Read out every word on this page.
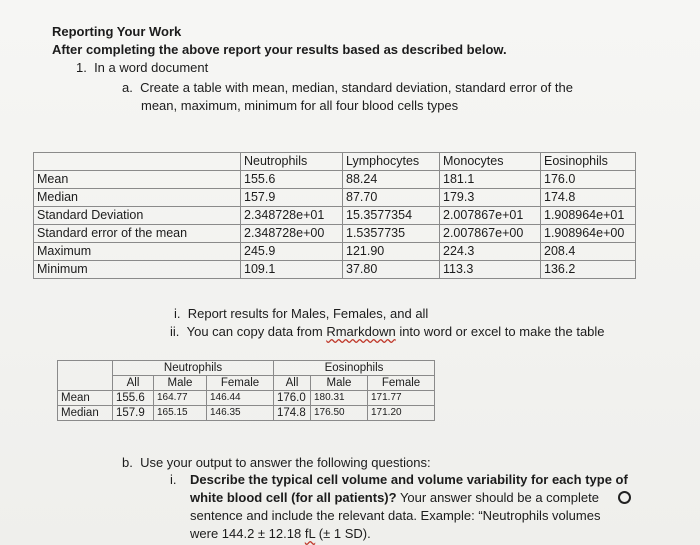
Reporting Your Work
After completing the above report your results based as described below.
1.  In a word document
a.  Create a table with mean, median, standard deviation, standard error of the
mean, maximum, minimum for all four blood cells types
	Neutrophils	Lymphocytes	Monocytes	Eosinophils
Mean	155.6	88.24	181.1	176.0
Median	157.9	87.70	179.3	174.8
Standard Deviation	2.348728e+01	15.3577354	2.007867e+01	1.908964e+01
Standard error of the mean	2.348728e+00	1.5357735	2.007867e+00	1.908964e+00
Maximum	245.9	121.90	224.3	208.4
Minimum	109.1	37.80	113.3	136.2
i.  Report results for Males, Females, and all
ii.  You can copy data from Rmarkdown into word or excel to make the table
	Neutrophils			Eosinophils		
	All	Male	Female	All	Male	Female
Mean	155.6	164.77	146.44	176.0	180.31	171.77
Median	157.9	165.15	146.35	174.8	176.50	171.20
b.  Use your output to answer the following questions:
i. Describe the typical cell volume and volume variability for each type of
white blood cell (for all patients)? Your answer should be a complete
sentence and include the relevant data. Example: “Neutrophils volumes
were 144.2 ± 12.18 fL (± 1 SD).
